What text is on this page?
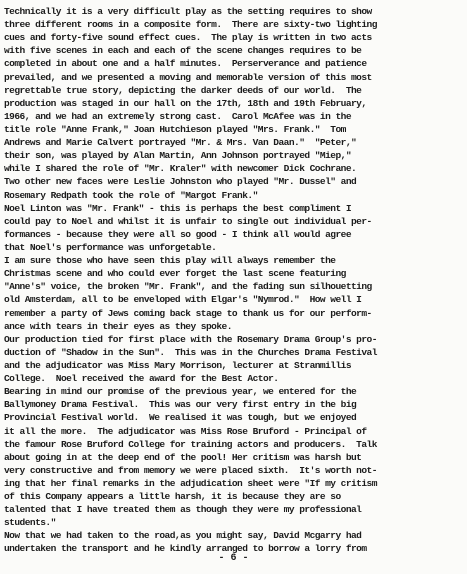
Technically it is a very difficult play as the setting requires to show
three different rooms in a composite form.  There are sixty-two lighting
cues and forty-five sound effect cues.  The play is written in two acts
with five scenes in each and each of the scene changes requires to be
completed in about one and a half minutes.  Perserverance and patience
prevailed, and we presented a moving and memorable version of this most
regrettable true story, depicting the darker deeds of our world.  The
production was staged in our hall on the 17th, 18th and 19th February,
1966, and we had an extremely strong cast.  Carol McAfee was in the
title role "Anne Frank," Joan Hutchieson played "Mrs. Frank."  Tom
Andrews and Marie Calvert portrayed "Mr. & Mrs. Van Daan."  "Peter,"
their son, was played by Alan Martin, Ann Johnson portrayed "Miep,"
while I shared the role of "Mr. Kraler" with newcomer Dick Cochrane.
Two other new faces were Leslie Johnston who played "Mr. Dussel" and
Rosemary Redpath took the role of "Margot Frank."
Noel Linton was "Mr. Frank" - this is perhaps the best compliment I
could pay to Noel and whilst it is unfair to single out individual per-
formances - because they were all so good - I think all would agree
that Noel's performance was unforgetable.
I am sure those who have seen this play will always remember the
Christmas scene and who could ever forget the last scene featuring
"Anne's" voice, the broken "Mr. Frank", and the fading sun silhouetting
old Amsterdam, all to be enveloped with Elgar's "Nymrod."  How well I
remember a party of Jews coming back stage to thank us for our perform-
ance with tears in their eyes as they spoke.
Our production tied for first place with the Rosemary Drama Group's pro-
duction of "Shadow in the Sun".  This was in the Churches Drama Festival
and the adjudicator was Miss Mary Morrison, lecturer at Stranmillis
College.  Noel received the award for the Best Actor.
Bearing in mind our promise of the previous year, we entered for the
Ballymoney Drama Festival.  This was our very first entry in the big
Provincial Festival world.  We realised it was tough, but we enjoyed
it all the more.  The adjudicator was Miss Rose Bruford - Principal of
the famour Rose Bruford College for training actors and producers.  Talk
about going in at the deep end of the pool! Her critism was harsh but
very constructive and from memory we were placed sixth.  It's worth not-
ing that her final remarks in the adjudication sheet were "If my critism
of this Company appears a little harsh, it is because they are so
talented that I have treated them as though they were my professional
students."
Now that we had taken to the road,as you might say, David Mcgarry had
undertaken the transport and he kindly arranged to borrow a lorry from
- 6 -
